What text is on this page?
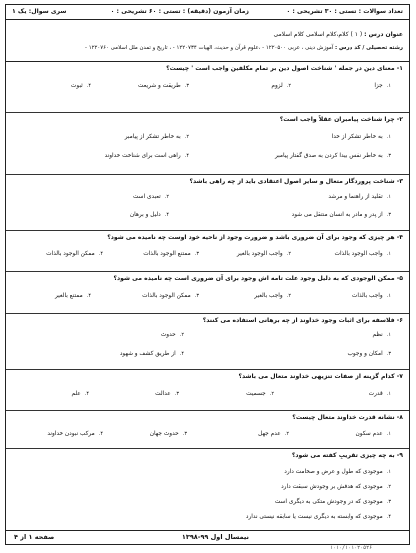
تعداد سوالات : تستی : ۳۰ تشریحی : ۰
زمان آزمون (دقیقه) : تستی : ۶۰ تشریحی : ۰
سری سوال: یک ۱
عنوان درس : ( ۱ ) کلام،کلام اسلامی کلام اسلامی
رشته تحصیلی / کد درس : آموزش دینی ، عربی ۱۲۲۰۵۰۰ - ،علوم قرآن و حدیث، الهیات ۱۲۲۰۷۳۴ - ، تاریخ و تمدن ملل اسلامی ۱۲۲۰۷۶۰ -
۱- معنای دین در جمله ' شناخت اصول دین بر تمام مکلفین واجب است ' چیست؟
۱.جزا
۲.لزوم
۳.طریقت و شریعت
۴.ثبوت
۲- چرا شناخت پیامبران عقلاً واجب است؟
۱.به خاطر تشکر از خدا
۲.به خاطر تشکر از پیامبر
۳.به خاطر نفس بیدا کردن به صدق گفتار پیامبر
۴.راهی است برای شناخت خداوند
۳- شناخت پروردگار متعال و سایر اصول اعتقادی باید از چه راهی باشد؟
۱.تقلید از راهنما و مرشد
۲.تعبدی است
۳.از پدر و مادر به انسان منتقل می شود
۴.دلیل و برهان
۴- هر چیزی که وجود برای آن ضروری باشد و ضرورت وجود از ناحیه خود اوست چه نامیده می شود؟
۱.واجب الوجود بالذات
۲.واجب الوجود بالغیر
۳.ممتنع الوجود بالذات
۴.ممکن الوجود بالذات
۵- ممکن الوجودی که به دلیل وجود علت تامه اش وجود برای آن ضروری است چه نامیده می شود؟
۱.واجب بالذات
۲.واجب بالغیر
۳.ممکن الوجود بالذات
۴.ممتنع بالغیر
۶- فلاسفه برای اثبات وجود خداوند از چه برهانی استفاده می کنند؟
۱.نظم
۲.حدوث
۳.امکان و وجوب
۴.از طریق کشف و شهود
۷- کدام گزینه از صفات تنزیهی خداوند متعال می باشد؟
۱.قدرت
۲.جسمیت
۳.عدالت
۴.علم
۸- نشانه قدرت خداوند متعال چیست؟
۱.عدم سکون
۲.عدم جهل
۳.حدوث جهان
۴.مرکب نبودن خداوند
۹- به چه چیزی تقریبِ کفته می شود؟
۱.موجودی که طول و عرض و صخامت دارد
۲.موجودی که هدفش بر وجودش سبقت دارد
۳.موجودی که در وجودش متکی به دیگری است
۴.موجودی که وابسته به دیگری نیست یا سابقه نیستی ندارد
نیمسال اول ۹۹-۱۳۹۸
صفحه ۱ از ۴
۱۰۱۰/۱۰۱۰۲۰۵۲۶
